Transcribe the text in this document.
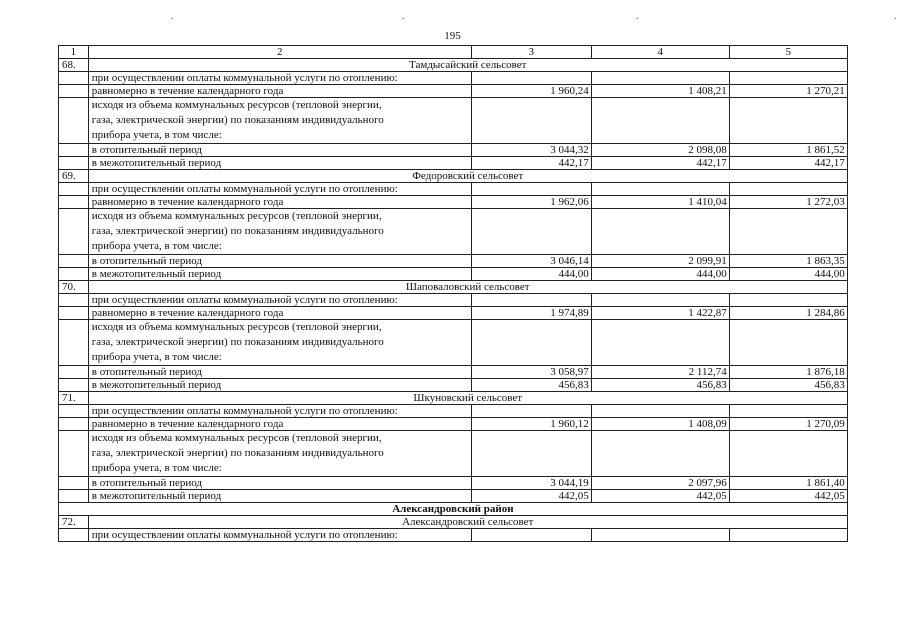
.	.	.	.
195
1	2	3	4	5
68.	Тамдысайский сельсовет			
	при осуществлении оплаты коммунальной услуги по отоплению:			
	равномерно в течение календарного года	1 960,24	1 408,21	1 270,21

	исходя из объема коммунальных ресурсов (тепловой энергии,
газа, электрической энергии) по показаниям индивидуального
прибора учета, в том числе:			

	в отопительный период	3 044,32	2 098,08	1 861,52
	в межотопительный период	442,17	442,17	442,17
69.	Федоровский сельсовет			
	при осуществлении оплаты коммунальной услуги по отоплению:			
	равномерно в течение календарного года	1 962,06	1 410,04	1 272,03

	исходя из объема коммунальных ресурсов (тепловой энергии,
газа, электрической энергии) по показаниям индивидуального
прибора учета, в том числе:			

	в отопительный период	3 046,14	2 099,91	1 863,35
	в межотопительный период	444,00	444,00	444,00
70.	Шаповаловский сельсовет			
	при осуществлении оплаты коммунальной услуги по отоплению:			
	равномерно в течение календарного года	1 974,89	1 422,87	1 284,86

	исходя из объема коммунальных ресурсов (тепловой энергии,
газа, электрической энергии) по показаниям индивидуального
прибора учета, в том числе:			

	в отопительный период	3 058,97	2 112,74	1 876,18
	в межотопительный период	456,83	456,83	456,83
71.	Шкуновский сельсовет			
	при осуществлении оплаты коммунальной услуги по отоплению:			
	равномерно в течение календарного года	1 960,12	1 408,09	1 270,09

	исходя из объема коммунальных ресурсов (тепловой энергии,
газа, электрической энергии) по показаниям индивидуального
прибора учета, в том числе:			

	в отопительный период	3 044,19	2 097,96	1 861,40
	в межотопительный период	442,05	442,05	442,05
Александровский район				
72.	Александровский сельсовет			
	при осуществлении оплаты коммунальной услуги по отоплению:			
